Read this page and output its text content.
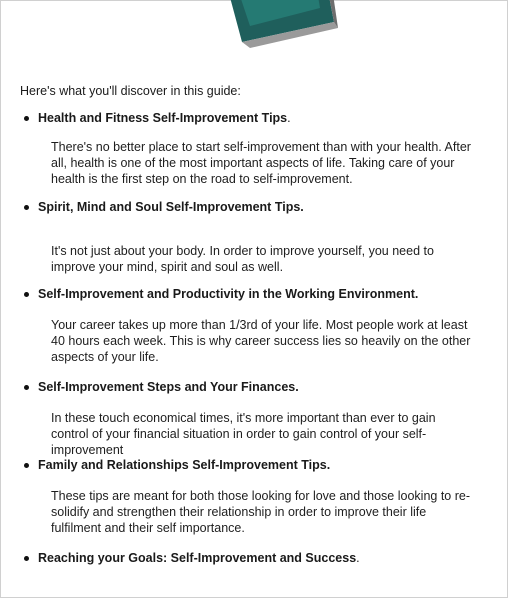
Here's what you'll discover in this guide:
Health and Fitness Self-Improvement Tips.
There's no better place to start self-improvement than with your health. After all, health is one of the most important aspects of life. Taking care of your health is the first step on the road to self-improvement.
Spirit, Mind and Soul Self-Improvement Tips.
It's not just about your body. In order to improve yourself, you need to improve your mind, spirit and soul as well.
Self-Improvement and Productivity in the Working Environment.
Your career takes up more than 1/3rd of your life. Most people work at least 40 hours each week. This is why career success lies so heavily on the other aspects of your life.
Self-Improvement Steps and Your Finances.
In these touch economical times, it's more important than ever to gain control of your financial situation in order to gain control of your self-improvement
Family and Relationships Self-Improvement Tips.
These tips are meant for both those looking for love and those looking to re-solidify and strengthen their relationship in order to improve their life fulfilment and their self importance.
Reaching your Goals: Self-Improvement and Success.
